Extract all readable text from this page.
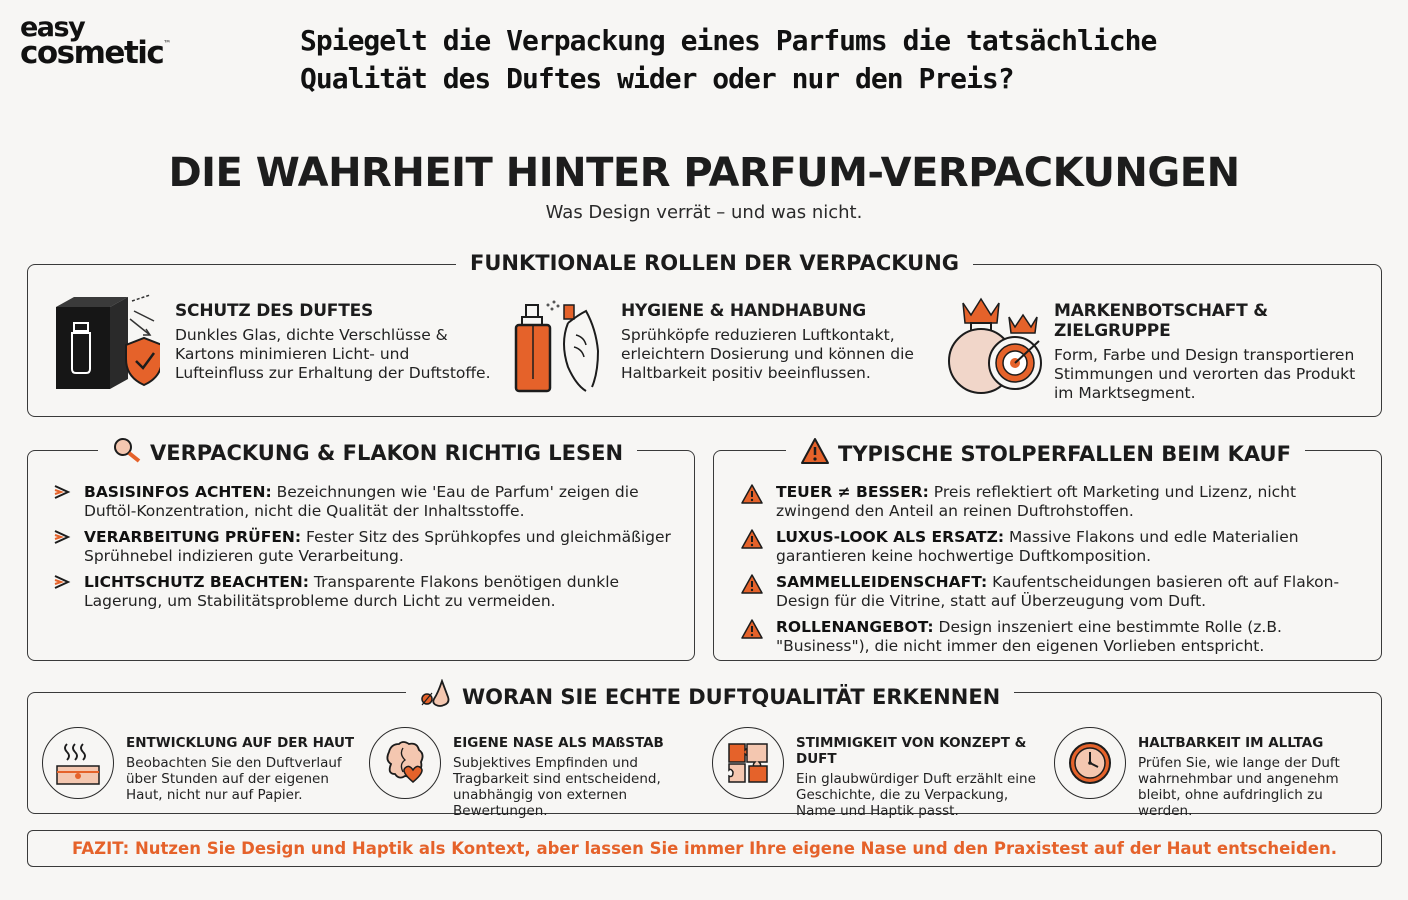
easy
cosmetic™	Spiegelt die Verpackung eines Parfums die tatsächliche Qualität des Duftes wider oder nur den Preis?
DIE WAHRHEIT HINTER PARFUM-VERPACKUNGEN
Was Design verrät – und was nicht.
FUNKTIONALE ROLLEN DER VERPACKUNG
SCHUTZ DES DUFTES

Dunkles Glas, dichte Verschlüsse & Kartons minimieren Licht- und Lufteinfluss zur Erhaltung der Duftstoffe.

HYGIENE & HANDHABUNG

Sprühköpfe reduzieren Luftkontakt, erleichtern Dosierung und können die Haltbarkeit positiv beeinflussen.

MARKENBOTSCHAFT & ZIELGRUPPE

Form, Farbe und Design transportieren Stimmungen und verorten das Produkt im Marktsegment.

VERPACKUNG & FLAKON RICHTIG LESEN
BASISINFOS ACHTEN: Bezeichnungen wie 'Eau de Parfum' zeigen die Duftöl-Konzentration, nicht die Qualität der Inhaltsstoffe.
VERARBEITUNG PRÜFEN: Fester Sitz des Sprühkopfes und gleichmäßiger Sprühnebel indizieren gute Verarbeitung.
LICHTSCHUTZ BEACHTEN: Transparente Flakons benötigen dunkle Lagerung, um Stabilitätsprobleme durch Licht zu vermeiden.
TYPISCHE STOLPERFALLEN BEIM KAUF
TEUER ≠ BESSER: Preis reflektiert oft Marketing und Lizenz, nicht zwingend den Anteil an reinen Duftrohstoffen.
LUXUS-LOOK ALS ERSATZ: Massive Flakons und edle Materialien garantieren keine hochwertige Duftkomposition.
SAMMELLEIDENSCHAFT: Kaufentscheidungen basieren oft auf Flakon-Design für die Vitrine, statt auf Überzeugung vom Duft.
ROLLENANGEBOT: Design inszeniert eine bestimmte Rolle (z.B. "Business"), die nicht immer den eigenen Vorlieben entspricht.
WORAN SIE ECHTE DUFTQUALITÄT ERKENNEN
ENTWICKLUNG AUF DER HAUT

Beobachten Sie den Duftverlauf über Stunden auf der eigenen Haut, nicht nur auf Papier.

EIGENE NASE ALS MAßSTAB

Subjektives Empfinden und Tragbarkeit sind entscheidend, unabhängig von externen Bewertungen.

STIMMIGKEIT VON KONZEPT & DUFT

Ein glaubwürdiger Duft erzählt eine Geschichte, die zu Verpackung, Name und Haptik passt.

HALTBARKEIT IM ALLTAG

Prüfen Sie, wie lange der Duft wahrnehmbar und angenehm bleibt, ohne aufdringlich zu werden.

FAZIT: Nutzen Sie Design und Haptik als Kontext, aber lassen Sie immer Ihre eigene Nase und den Praxistest auf der Haut entscheiden.
